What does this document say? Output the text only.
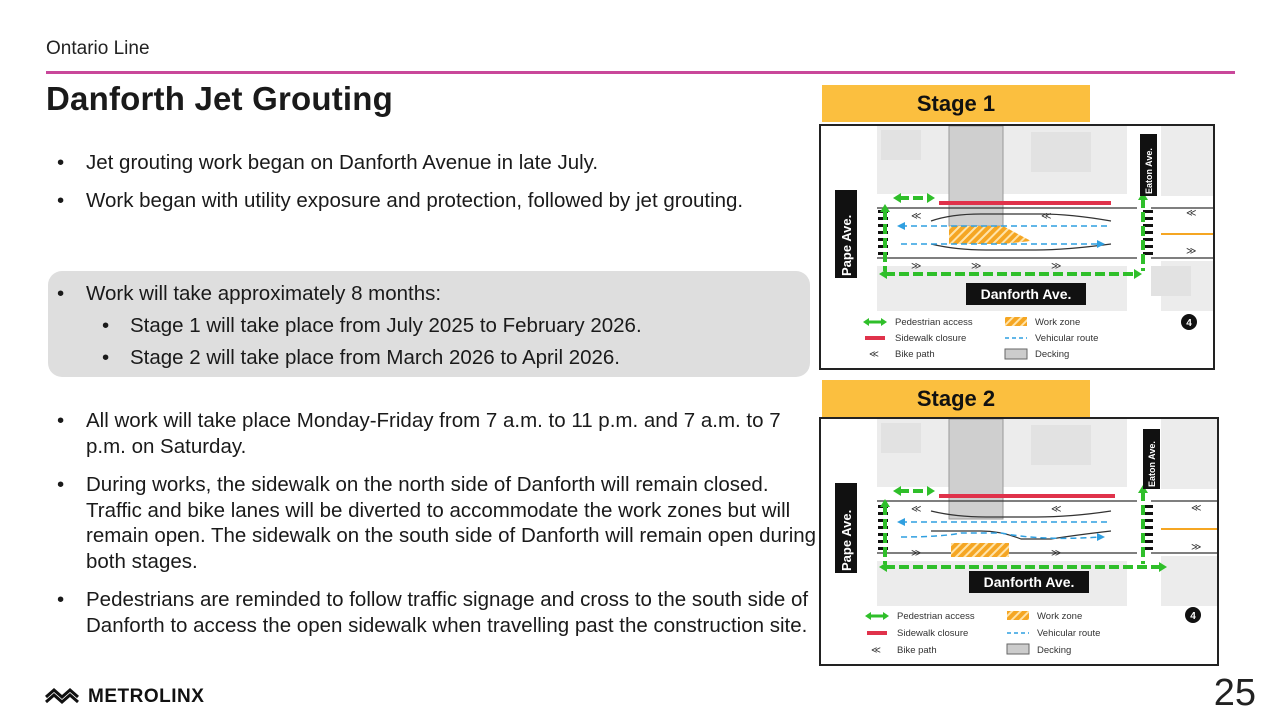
Ontario Line
Danforth Jet Grouting
• Jet grouting work began on Danforth Avenue in late July.
• Work began with utility exposure and protection, followed by jet grouting.
• Work will take approximately 8 months:
• Stage 1 will take place from July 2025 to February 2026.
• Stage 2 will take place from March 2026 to April 2026.
• All work will take place Monday-Friday from 7 a.m. to 11 p.m. and 7 a.m. to 7 p.m. on Saturday.
• During works, the sidewalk on the north side of Danforth will remain closed. Traffic and bike lanes will be diverted to accommodate the work zones but will remain open. The sidewalk on the south side of Danforth will remain open during both stages.
• Pedestrians are reminded to follow traffic signage and cross to the south side of Danforth to access the open sidewalk when travelling past the construction site.
Stage 1
≪	≪
≫	≫	≫
≪
≫
Pape Ave.
Eaton Ave.
Danforth Ave.
Pedestrian access
Sidewalk closure
≪ Bike path
Work zone
Vehicular route
Decking
4
Stage 2
≪	≪
≫	≫
≪
≫
Pape Ave.
Eaton Ave.
Danforth Ave.
Pedestrian access
Sidewalk closure
≪ Bike path
Work zone
Vehicular route
Decking
4
METROLINX	25
